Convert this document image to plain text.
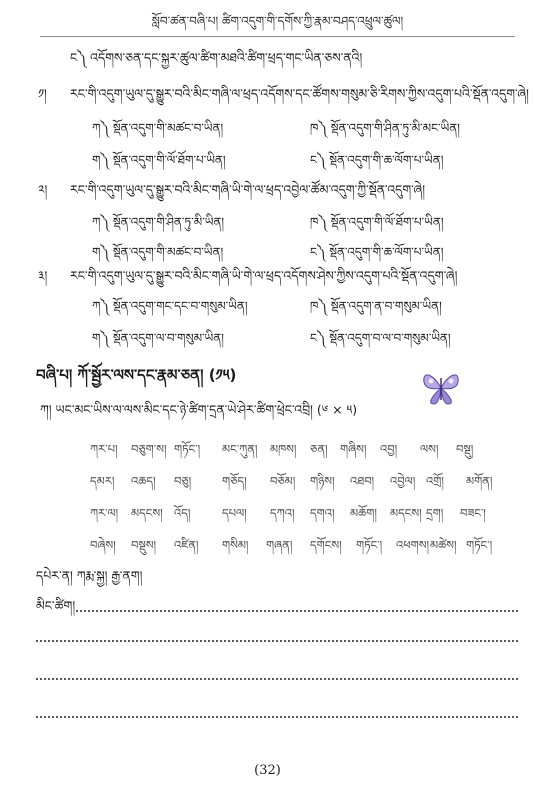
སློབ་ཚན་བཞི་པ། ཚིག་འདུག་གི་དགོས་ཀྱི་རྣམ་བཤད་འཕྲུལ་ཚུལ།
ང༽ འདོགས་ཅན་དང་སྐྱར་ཚུལ་ཚིག་མཐའི་ཚིག་ཕྲད་གང་ཡིན་ཅས་ནའི།
༡། རང་གི་འདུག་ཡུལ་དུ་སྒྱུར་བའི་མིང་གཞི་ལ་ཕྲད་འདོགས་དང་ཚོགས་གསུམ་ཅི་རིགས་ཀྱིས་འདུག་པའི་སྡོན་འདུག་ཞེ།
ཀ༽ སྡོན་འདུག་གི་མཚང་བ་ཡིན།	ཁ༽ སྡོན་འདུག་གི་ཤིན་ཏུ་མི་མང་ཡིན།
ག༽ སྡོན་འདུག་གི་ལོ་ཐོག་པ་ཡིན།	ང༽ སྡོན་འདུག་གི་ཆ་ལོག་པ་ཡིན།
༢། རང་གི་འདུག་ཡུལ་དུ་སྒྱུར་བའི་མིང་གཞི་ཡི་གེ་ལ་ཕྲད་འབྱེལ་ཚོམ་འདུག་ཀྱི་སྡོན་འདུག་ཞེ།
ཀ༽ སྡོན་འདུག་གི་ཤིན་ཏུ་མི་ཡིན།	ཁ༽ སྡོན་འདུག་གི་ལོ་ཐོག་པ་ཡིན།
ག༽ སྡོན་འདུག་གི་མཚང་བ་ཡིན།	ང༽ སྡོན་འདུག་གི་ཆ་ལོག་པ་ཡིན།
༣། རང་གི་འདུག་ཡུལ་དུ་སྒྱུར་བའི་མིང་གཞི་ཡི་གེ་ལ་ཕྲད་འདོགས་ཤེས་ཀྱིས་འདུག་པའི་སྡོན་འདུག་ཞེ།
ཀ༽ སྡོན་འདུག་གང་དང་བ་གསུམ་ཡིན།	ཁ༽ སྡོན་འདུག་ན་བ་གསུམ་ཡིན།
ག༽ སྡོན་འདུག་ལ་བ་གསུམ་ཡིན།	ང༽ སྡོན་འདུག་བ་ལ་བ་གསུམ་ཡིན།
བཞི་པ། ཀོ་སྦྱོར་ལས་དང་རྣམ་ཅན། (༡༥)
ཀ། ཡང་མང་ཡིས་ལ་ལས་མིང་དང་ཉེ་ཚིག་དྲན་ཡེ་ཤེར་ཚིག་ཕྲེང་འབྲི། (༦ × ༥)
ཀར་པ། བཅུག་ས། གཏོང་། མང་ཀུན། མཁས། ཅན། གཞིས། འབྱ། ལས། བསྡུ།
དམར། འཆད། བཅུ།	གཅོད། བཅོམ། གཉིས། འཐབ། འབྱེལ། འགྲོ། མགོན།
ཀར་ལ། མདངས། འོད།	དཔལ། དཀའ། དགའ། མཆོག། མདངས། དྲག། བཟང་།
བཞེས། བསྡུས། འཛིན། གསིམ། གཞན། དགོངས། གཏོང་། འཕགས། མཚེས། གཏོང་།
དཔེར་ན། ཀརྨ་སྐྱ། རྒྱ་ནག།
མིང་ཚིག།
(32)
